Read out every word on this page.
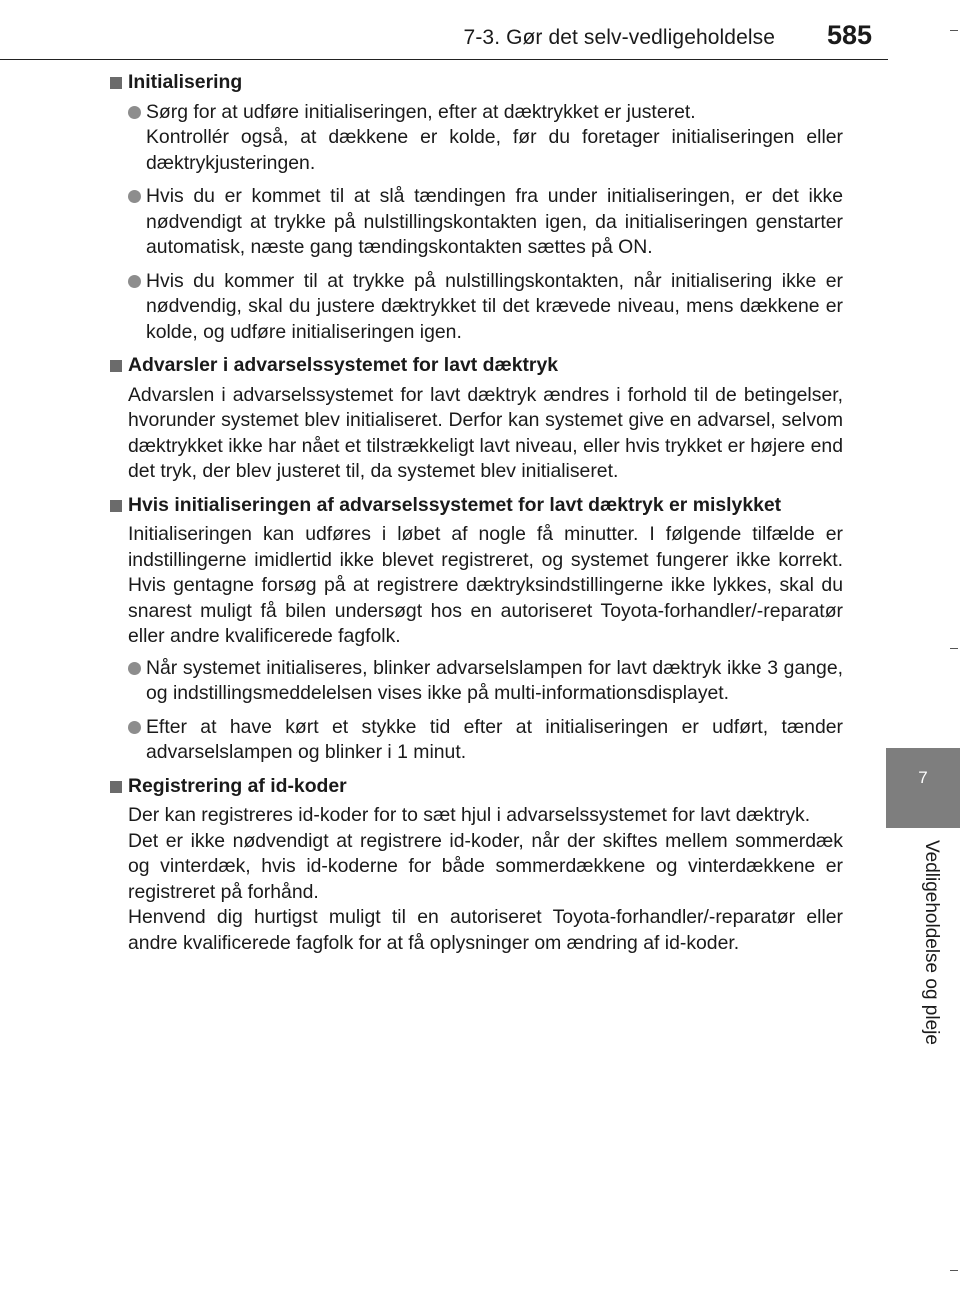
7-3. Gør det selv-vedligeholdelse 585
7
Vedligeholdelse og pleje
Initialisering

Sørg for at udføre initialiseringen, efter at dæktrykket er justeret.

Kontrollér også, at dækkene er kolde, før du foretager initialiseringen eller dæktrykjusteringen.

Hvis du er kommet til at slå tændingen fra under initialiseringen, er det ikke nødvendigt at trykke på nulstillingskontakten igen, da initialiseringen genstarter automatisk, næste gang tændingskontakten sættes på ON.

Hvis du kommer til at trykke på nulstillingskontakten, når initialisering ikke er nødvendig, skal du justere dæktrykket til det krævede niveau, mens dækkene er kolde, og udføre initialiseringen igen.

Advarsler i advarselssystemet for lavt dæktryk

Advarslen i advarselssystemet for lavt dæktryk ændres i forhold til de betingelser, hvorunder systemet blev initialiseret. Derfor kan systemet give en advarsel, selvom dæktrykket ikke har nået et tilstrækkeligt lavt niveau, eller hvis trykket er højere end det tryk, der blev justeret til, da systemet blev initialiseret.

Hvis initialiseringen af advarselssystemet for lavt dæktryk er mislykket

Initialiseringen kan udføres i løbet af nogle få minutter. I følgende tilfælde er indstillingerne imidlertid ikke blevet registreret, og systemet fungerer ikke korrekt. Hvis gentagne forsøg på at registrere dæktryksindstillingerne ikke lykkes, skal du snarest muligt få bilen undersøgt hos en autoriseret Toyota-forhandler/-reparatør eller andre kvalificerede fagfolk.

Når systemet initialiseres, blinker advarselslampen for lavt dæktryk ikke 3 gange, og indstillingsmeddelelsen vises ikke på multi-informationsdisplayet.

Efter at have kørt et stykke tid efter at initialiseringen er udført, tænder advarselslampen og blinker i 1 minut.

Registrering af id-koder

Der kan registreres id-koder for to sæt hjul i advarselssystemet for lavt dæktryk.

Det er ikke nødvendigt at registrere id-koder, når der skiftes mellem sommerdæk og vinterdæk, hvis id-koderne for både sommerdækkene og vinterdækkene er registreret på forhånd.

Henvend dig hurtigst muligt til en autoriseret Toyota-forhandler/-reparatør eller andre kvalificerede fagfolk for at få oplysninger om ændring af id-koder.
